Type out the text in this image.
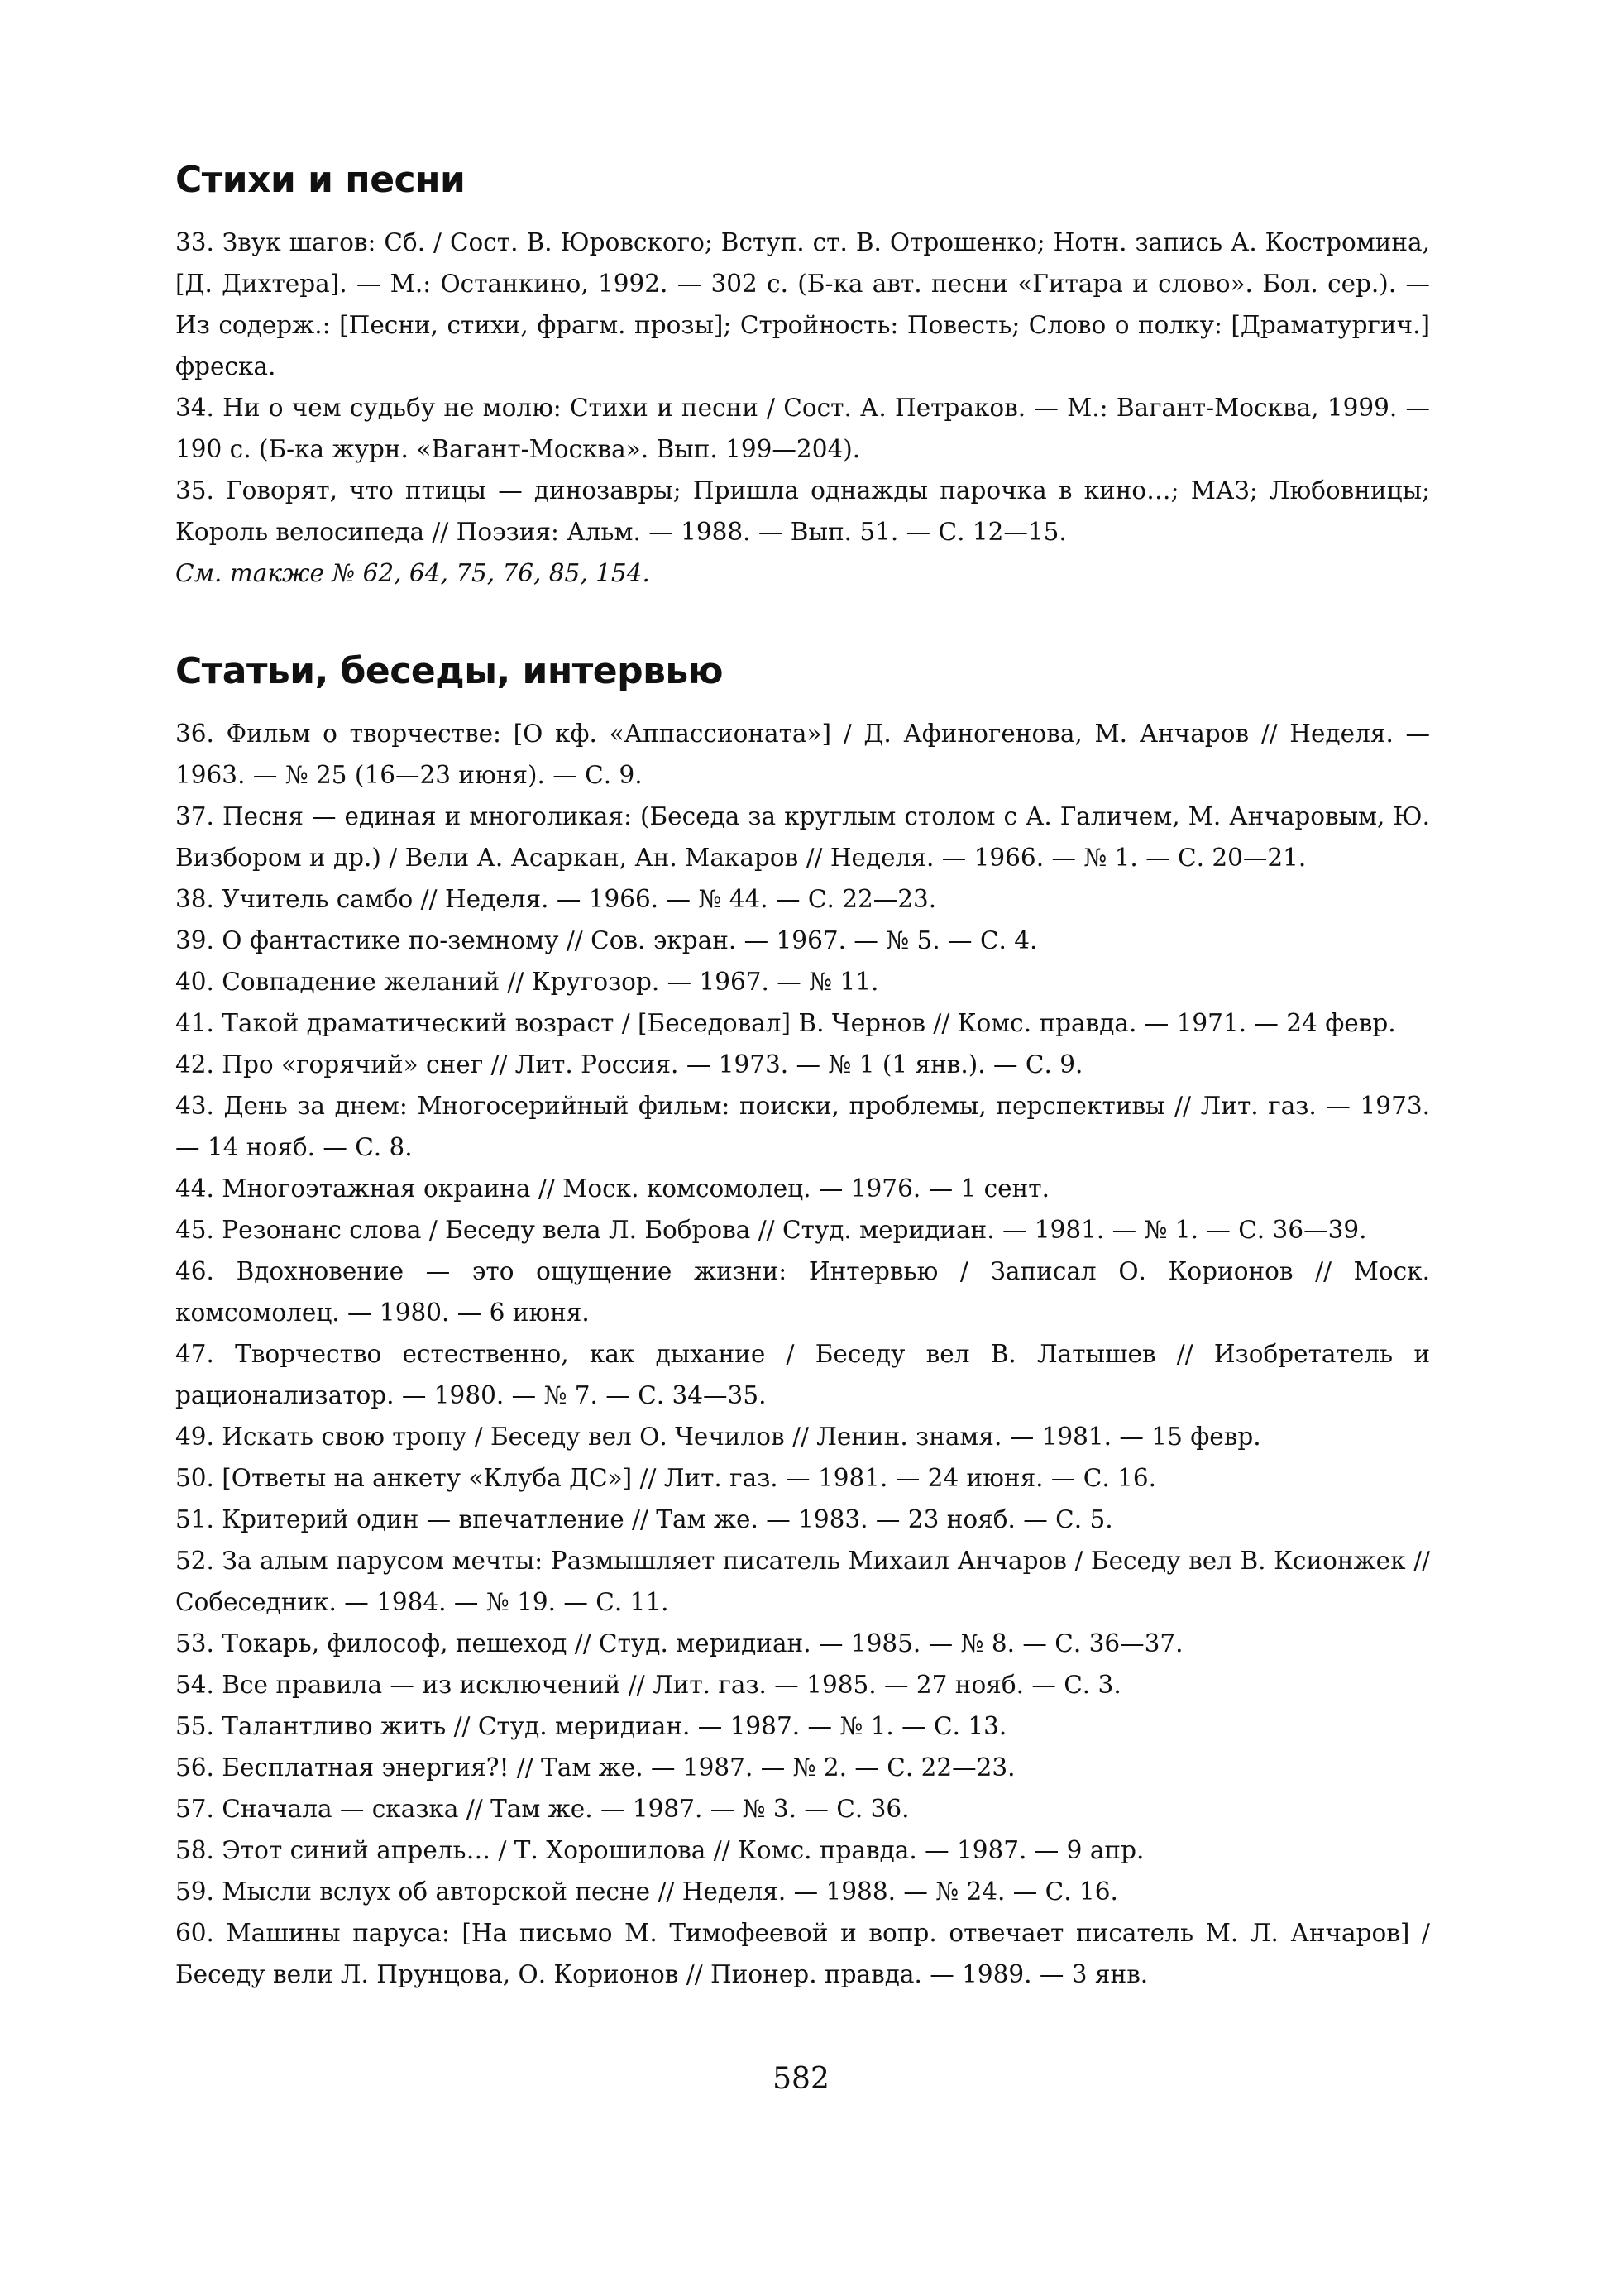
Стихи и песни

33. Звук шагов: Сб. / Сост. В. Юровского; Вступ. ст. В. Отрошенко; Нотн. запись А. Костромина, [Д. Дихтера]. — М.: Останкино, 1992. — 302 с. (Б-ка авт. песни «Гитара и слово». Бол. сер.). — Из содерж.: [Песни, стихи, фрагм. прозы]; Стройность: Повесть; Слово о полку: [Драматургич.] фреска.

34. Ни о чем судьбу не молю: Стихи и песни / Сост. А. Петраков. — М.: Вагант-Москва, 1999. — 190 с. (Б-ка журн. «Вагант-Москва». Вып. 199—204).

35. Говорят, что птицы — динозавры; Пришла однажды парочка в кино…; МАЗ; Любовницы; Король велосипеда // Поэзия: Альм. — 1988. — Вып. 51. — С. 12—15.

См. также № 62, 64, 75, 76, 85, 154.

Статьи, беседы, интервью

36. Фильм о творчестве: [О кф. «Аппассионата»] / Д. Афиногенова, М. Анчаров // Неделя. — 1963. — № 25 (16—23 июня). — С. 9.

37. Песня — единая и многоликая: (Беседа за круглым столом с А. Галичем, М. Анчаровым, Ю. Визбором и др.) / Вели А. Асаркан, Ан. Макаров // Неделя. — 1966. — № 1. — С. 20—21.

38. Учитель самбо // Неделя. — 1966. — № 44. — С. 22—23.

39. О фантастике по-земному // Сов. экран. — 1967. — № 5. — С. 4.

40. Совпадение желаний // Кругозор. — 1967. — № 11.

41. Такой драматический возраст / [Беседовал] В. Чернов // Комс. правда. — 1971. — 24 февр.

42. Про «горячий» снег // Лит. Россия. — 1973. — № 1 (1 янв.). — С. 9.

43. День за днем: Многосерийный фильм: поиски, проблемы, перспективы // Лит. газ. — 1973. — 14 нояб. — С. 8.

44. Многоэтажная окраина // Моск. комсомолец. — 1976. — 1 сент.

45. Резонанс слова / Беседу вела Л. Боброва // Студ. меридиан. — 1981. — № 1. — С. 36—39.

46. Вдохновение — это ощущение жизни: Интервью / Записал О. Корионов // Моск. комсомолец. — 1980. — 6 июня.

47. Творчество естественно, как дыхание / Беседу вел В. Латышев // Изобретатель и рационализатор. — 1980. — № 7. — С. 34—35.

49. Искать свою тропу / Беседу вел О. Чечилов // Ленин. знамя. — 1981. — 15 февр.

50. [Ответы на анкету «Клуба ДС»] // Лит. газ. — 1981. — 24 июня. — С. 16.

51. Критерий один — впечатление // Там же. — 1983. — 23 нояб. — С. 5.

52. За алым парусом мечты: Размышляет писатель Михаил Анчаров / Беседу вел В. Ксионжек // Собеседник. — 1984. — № 19. — С. 11.

53. Токарь, философ, пешеход // Студ. меридиан. — 1985. — № 8. — С. 36—37.

54. Все правила — из исключений // Лит. газ. — 1985. — 27 нояб. — С. 3.

55. Талантливо жить // Студ. меридиан. — 1987. — № 1. — С. 13.

56. Бесплатная энергия?! // Там же. — 1987. — № 2. — С. 22—23.

57. Сначала — сказка // Там же. — 1987. — № 3. — С. 36.

58. Этот синий апрель… / Т. Хорошилова // Комс. правда. — 1987. — 9 апр.

59. Мысли вслух об авторской песне // Неделя. — 1988. — № 24. — С. 16.

60. Машины паруса: [На письмо М. Тимофеевой и вопр. отвечает писатель М. Л. Анчаров] / Беседу вели Л. Прунцова, О. Корионов // Пионер. правда. — 1989. — 3 янв.

582
